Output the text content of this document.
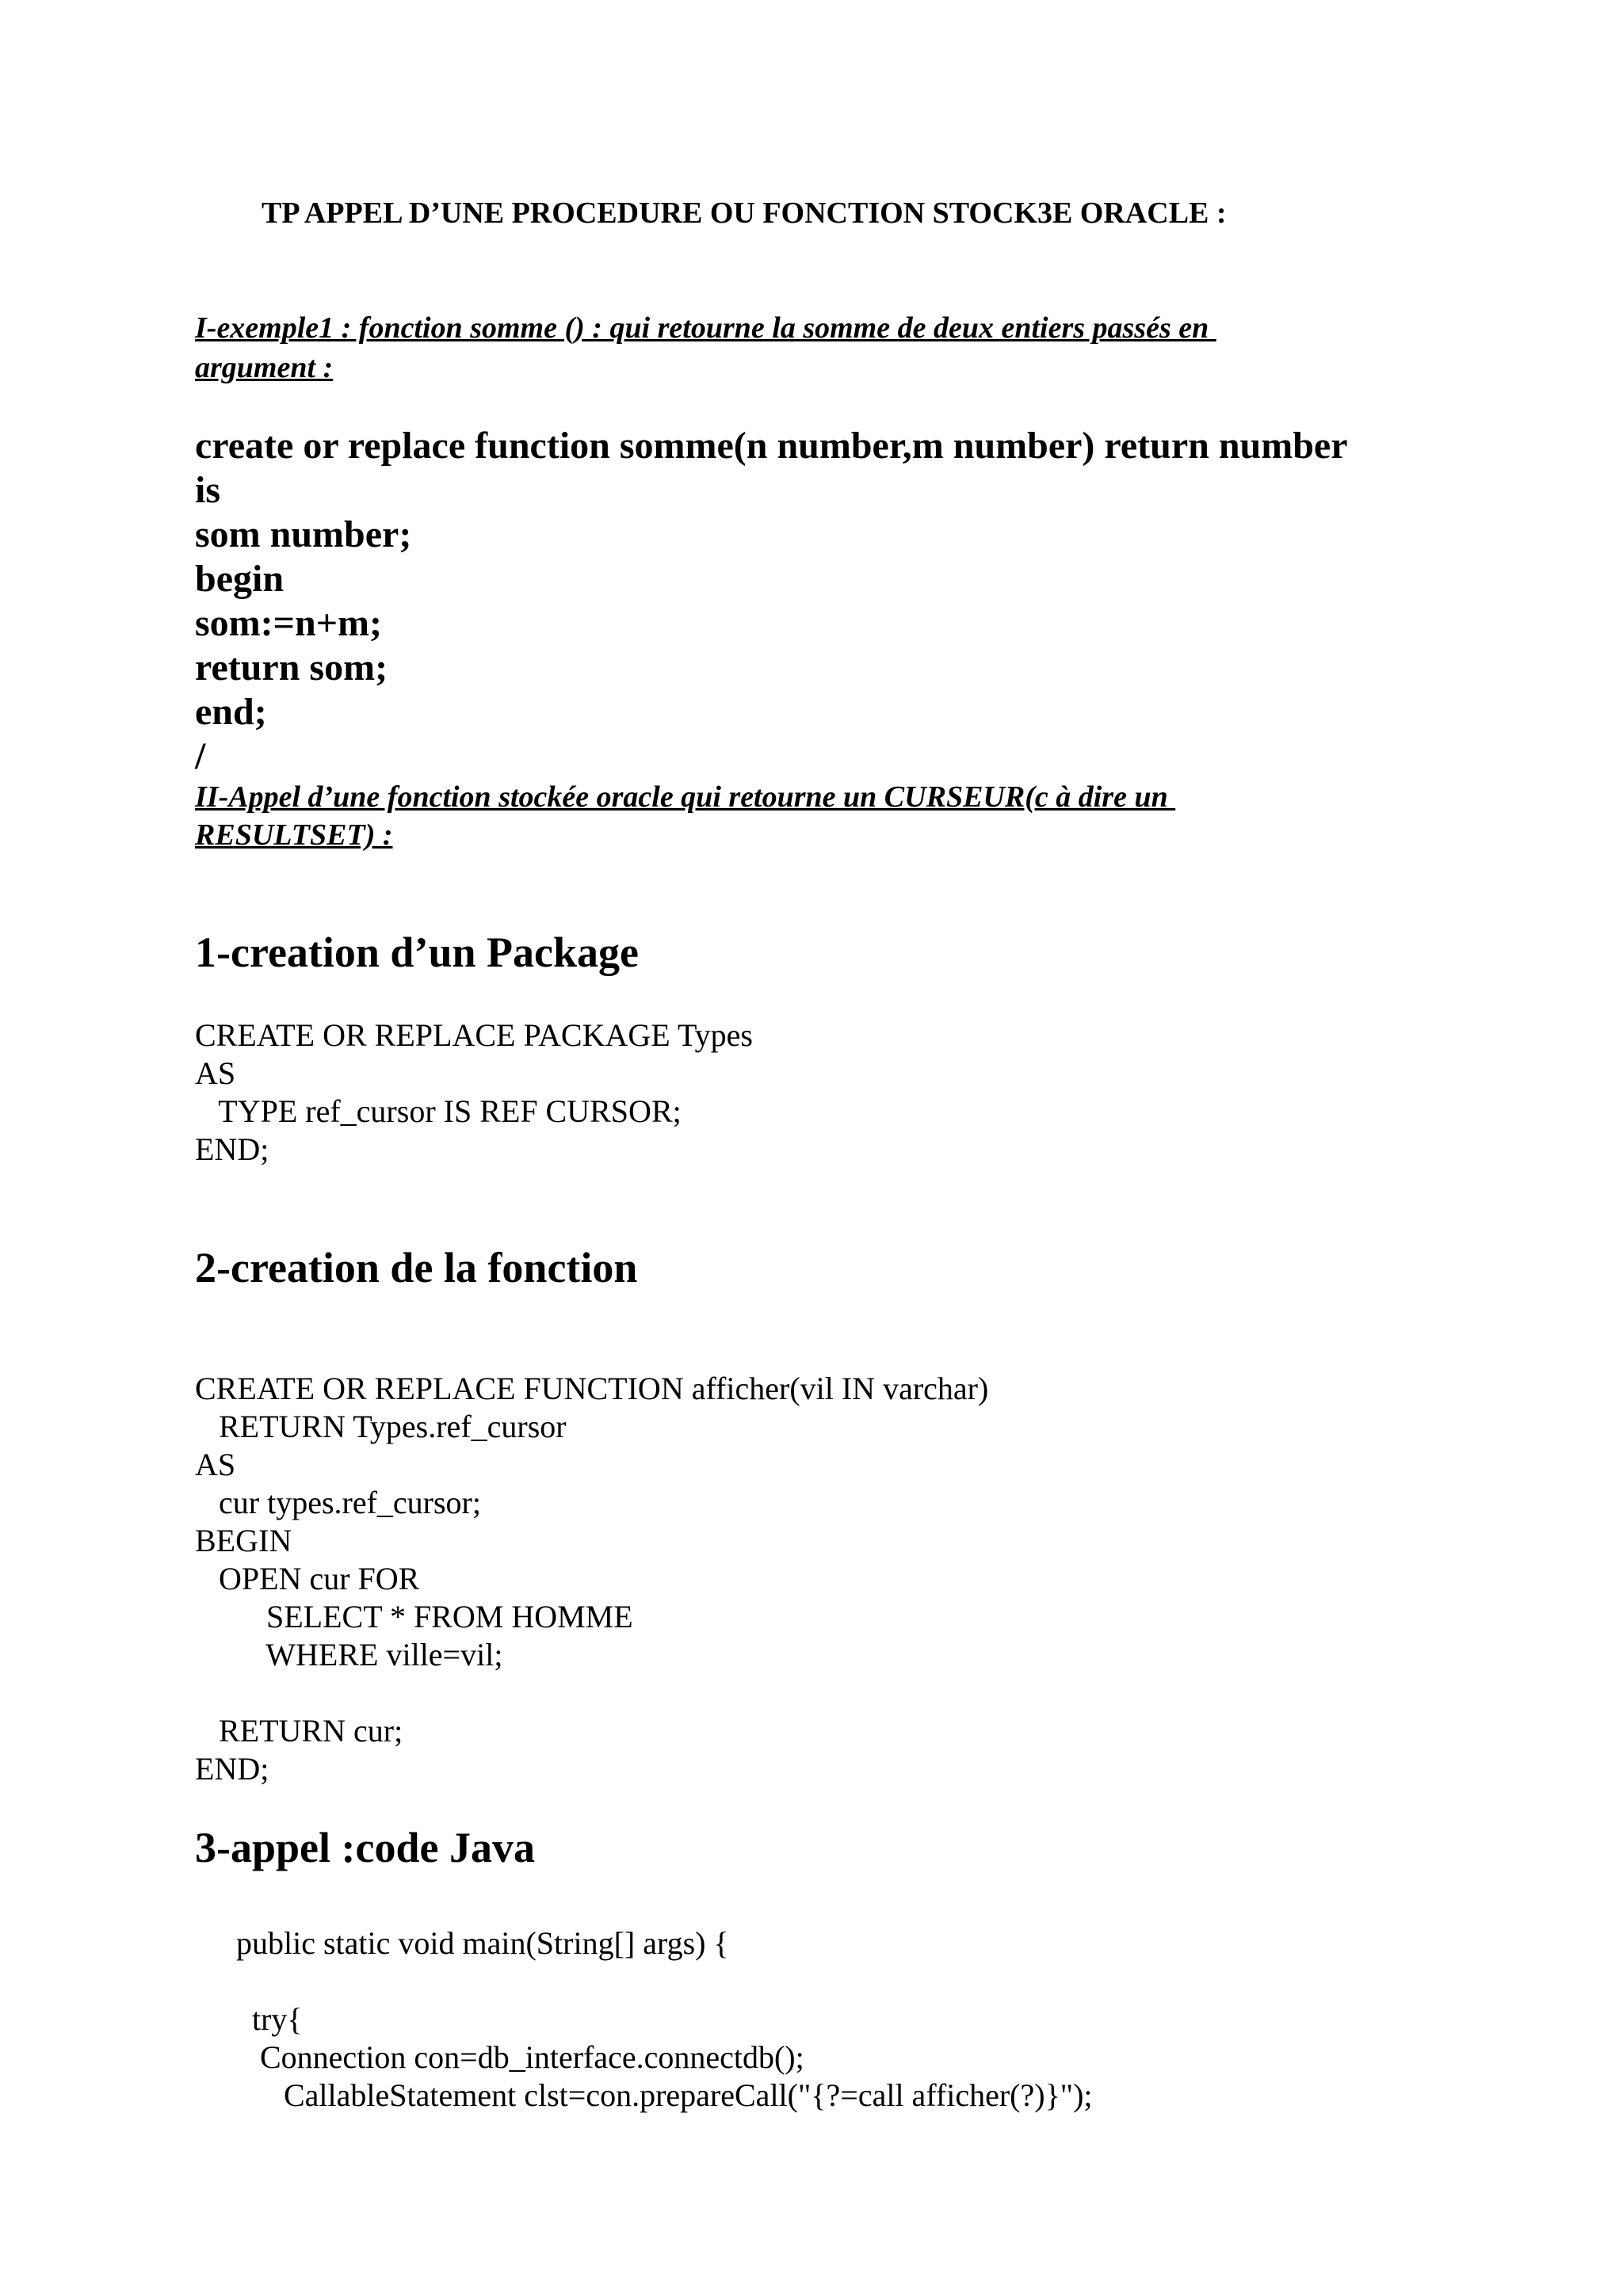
TP APPEL D’UNE PROCEDURE OU FONCTION STOCK3E ORACLE :
I-exemple1 : fonction somme () : qui retourne la somme de deux entiers passés en
argument :
create or replace function somme(n number,m number) return number
is
som number;
begin
som:=n+m;
return som;
end;
/
II-Appel d’une fonction stockée oracle qui retourne un CURSEUR(c à dire un
RESULTSET) :
1-creation d’un Package
CREATE OR REPLACE PACKAGE Types
AS
TYPE ref_cursor IS REF CURSOR;
END;
2-creation de la fonction
CREATE OR REPLACE FUNCTION afficher(vil IN varchar)
RETURN Types.ref_cursor
AS
cur types.ref_cursor;
BEGIN
OPEN cur FOR
SELECT * FROM HOMME
WHERE ville=vil;
RETURN cur;
END;
3-appel :code Java
public static void main(String[] args) {
try{
Connection con=db_interface.connectdb();
CallableStatement clst=con.prepareCall("{?=call afficher(?)}");
